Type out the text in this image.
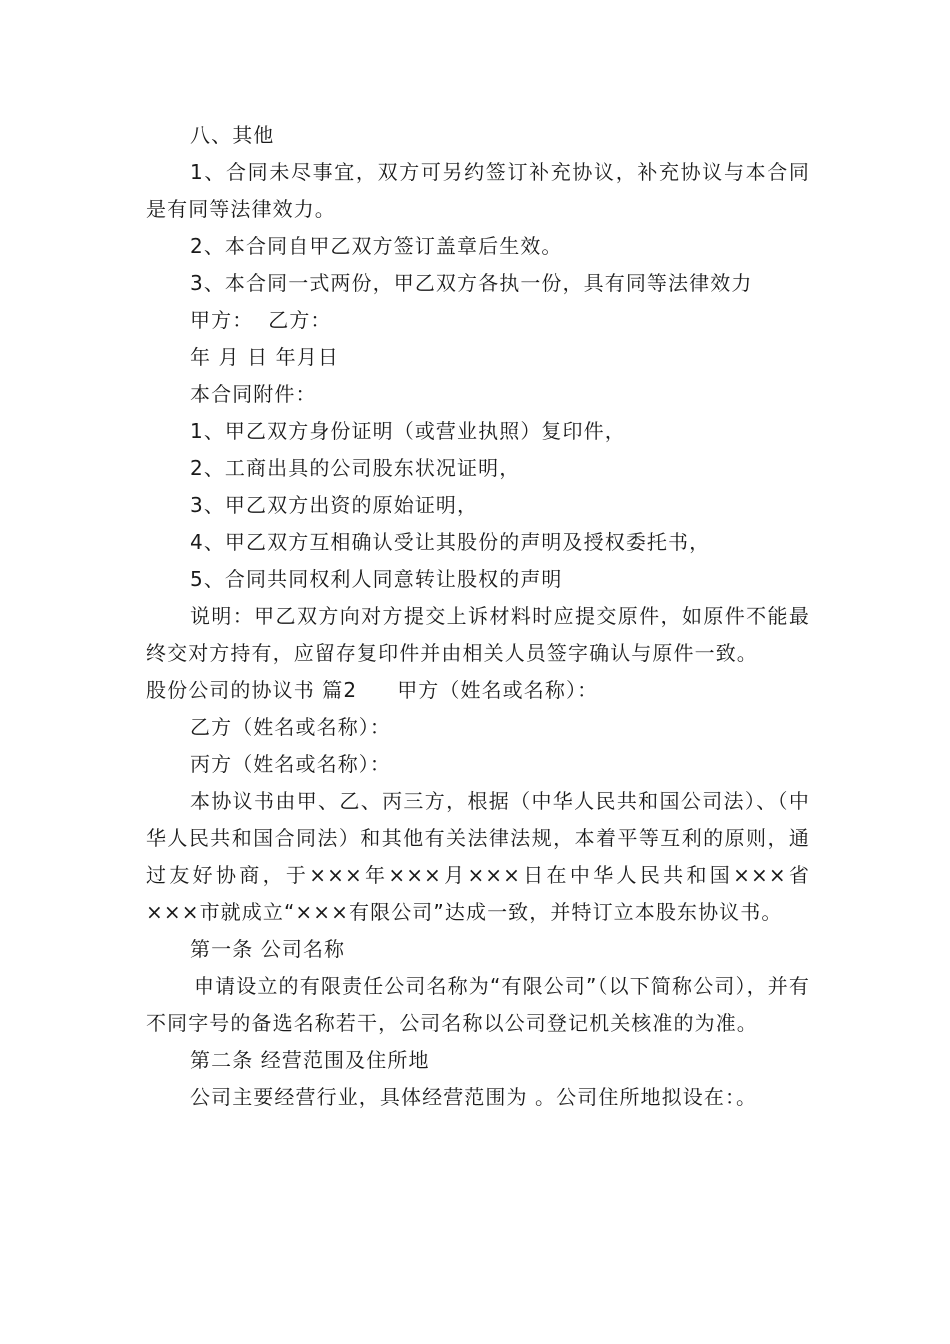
八、其他

1、合同未尽事宜，双方可另约签订补充协议，补充协议与本合同是有同等法律效力。

2、本合同自甲乙双方签订盖章后生效。

3、本合同一式两份，甲乙双方各执一份，具有同等法律效力

甲方：  乙方：

年 月 日 年月日

本合同附件：

1、甲乙双方身份证明（或营业执照）复印件，

2、工商出具的公司股东状况证明，

3、甲乙双方出资的原始证明，

4、甲乙双方互相确认受让其股份的声明及授权委托书，

5、合同共同权利人同意转让股权的声明

说明：甲乙双方向对方提交上诉材料时应提交原件，如原件不能最终交对方持有，应留存复印件并由相关人员签字确认与原件一致。

股份公司的协议书 篇2 甲方（姓名或名称）：

乙方（姓名或名称）：

丙方（姓名或名称）：

本协议书由甲、乙、丙三方，根据（中华人民共和国公司法）、（中华人民共和国合同法）和其他有关法律法规，本着平等互利的原则，通过友好协商，于×××年×××月×××日在中华人民共和国×××省×××市就成立“×××有限公司”达成一致，并特订立本股东协议书。

第一条 公司名称

申请设立的有限责任公司名称为“有限公司”（以下简称公司），并有不同字号的备选名称若干，公司名称以公司登记机关核准的为准。

第二条 经营范围及住所地

公司主要经营行业，具体经营范围为 。公司住所地拟设在：。
